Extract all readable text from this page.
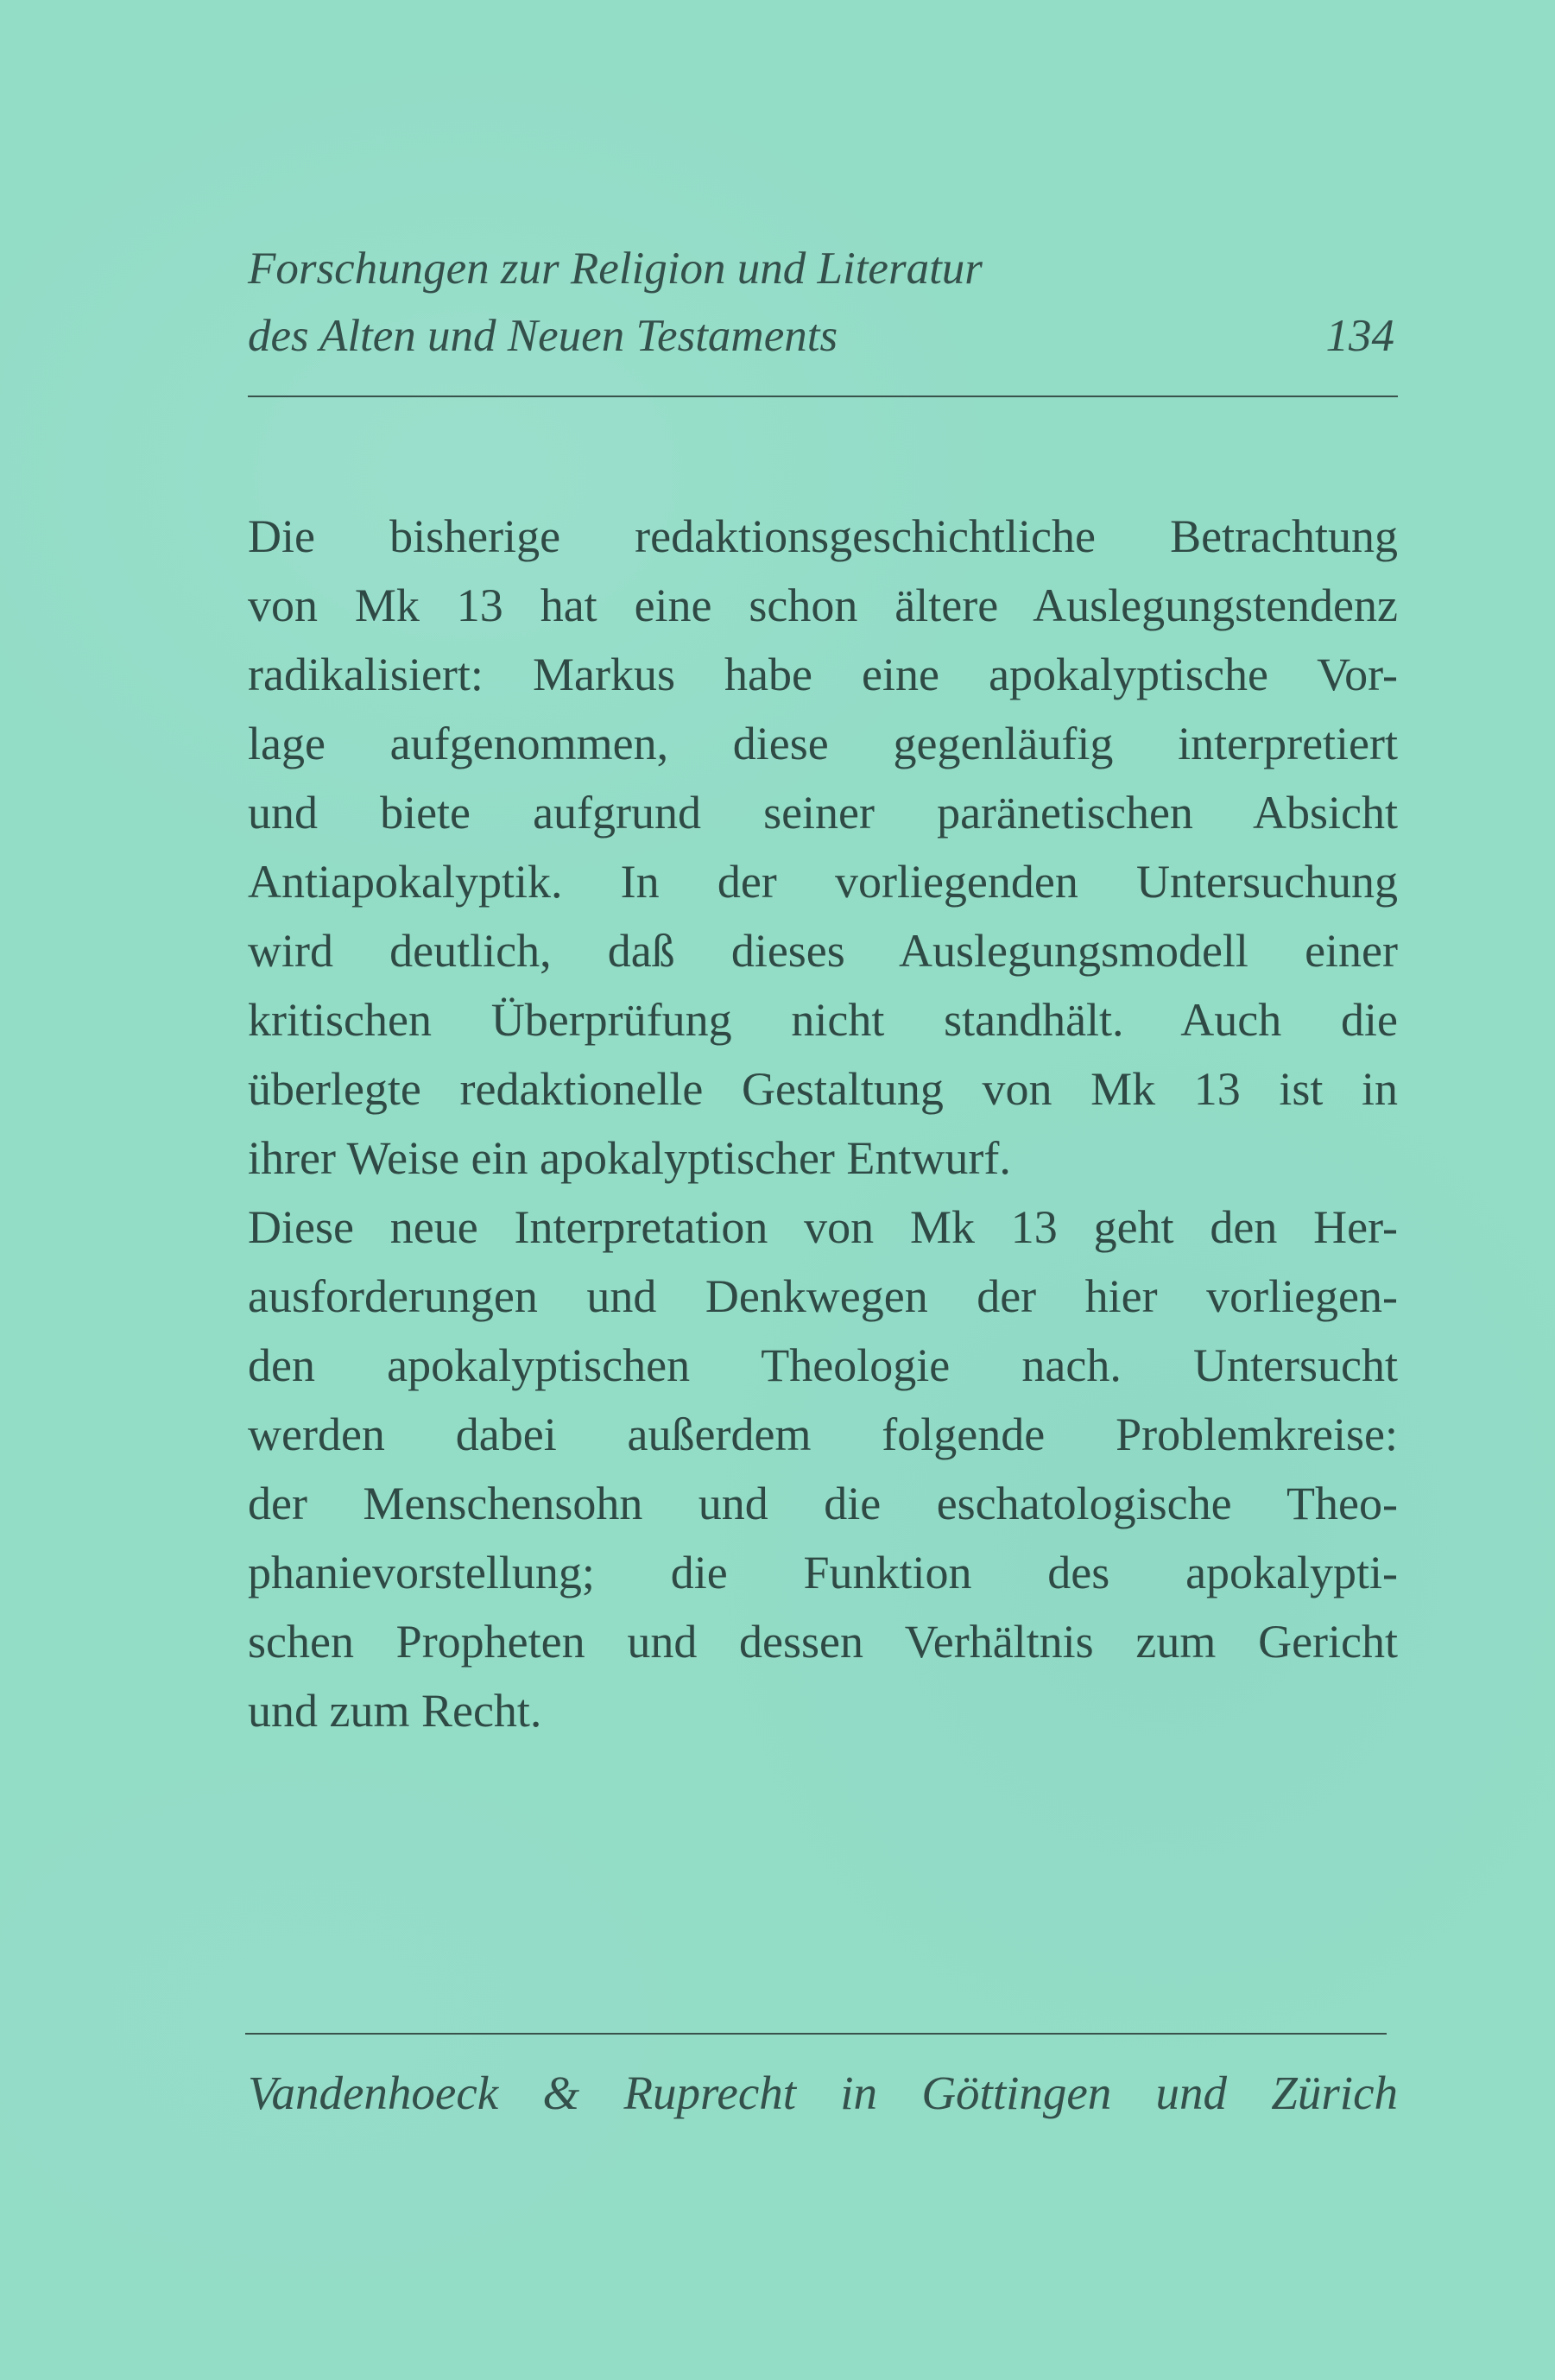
Forschungen zur Religion und Literatur
des Alten und Neuen Testaments	134
Die bisherige redaktionsgeschichtliche Betrachtung
von Mk 13 hat eine schon ältere Auslegungstendenz
radikalisiert: Markus habe eine apokalyptische Vor-
lage aufgenommen, diese gegenläufig interpretiert
und biete aufgrund seiner paränetischen Absicht
Antiapokalyptik. In der vorliegenden Untersuchung
wird deutlich, daß dieses Auslegungsmodell einer
kritischen Überprüfung nicht standhält. Auch die
überlegte redaktionelle Gestaltung von Mk 13 ist in
ihrer Weise ein apokalyptischer Entwurf.
Diese neue Interpretation von Mk 13 geht den Her-
ausforderungen und Denkwegen der hier vorliegen-
den apokalyptischen Theologie nach. Untersucht
werden dabei außerdem folgende Problemkreise:
der Menschensohn und die eschatologische Theo-
phanievorstellung; die Funktion des apokalypti-
schen Propheten und dessen Verhältnis zum Gericht
und zum Recht.
Vandenhoeck & Ruprecht in Göttingen und Zürich
